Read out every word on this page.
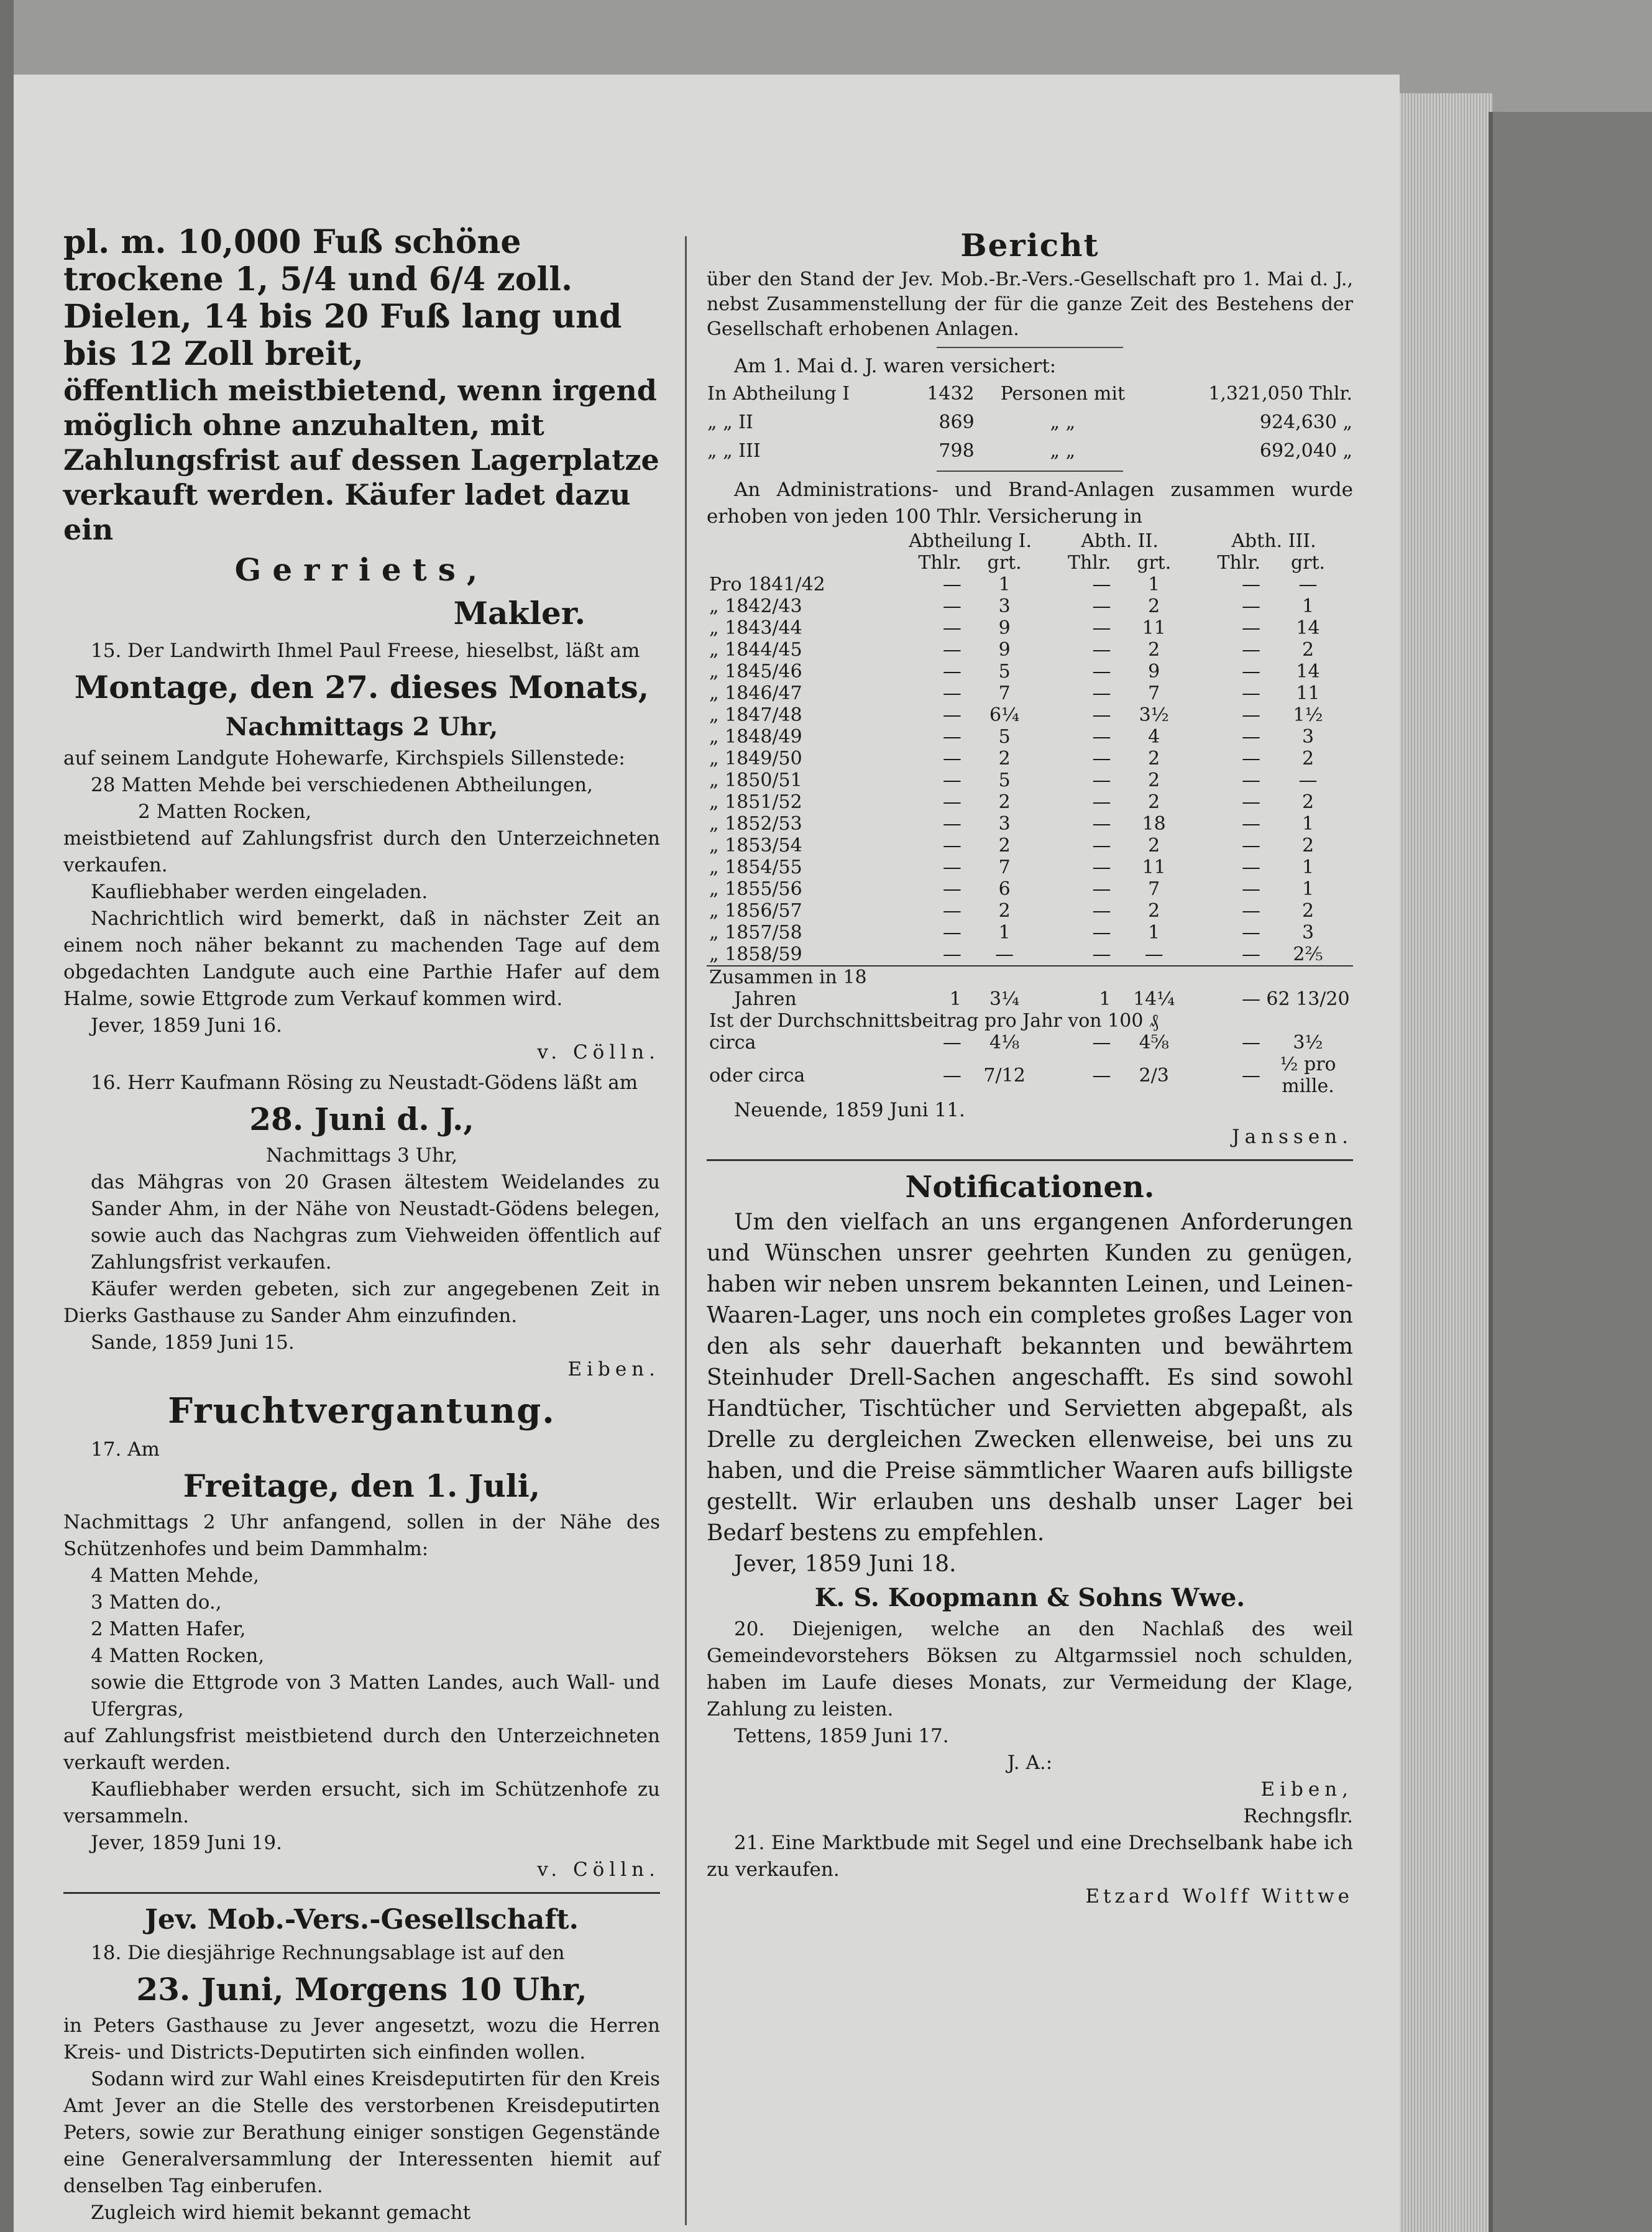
pl. m. 10,000 Fuß schöne trockene 1, 5/4 und 6/4 zoll. Dielen, 14 bis 20 Fuß lang und bis 12 Zoll breit,

öffentlich meistbietend, wenn irgend möglich ohne anzuhalten, mit Zahlungsfrist auf dessen Lagerplatze verkauft werden. Käufer ladet dazu ein

Gerriets,

Makler.

15. Der Landwirth Ihmel Paul Freese, hieselbst, läßt am

Montage, den 27. dieses Monats,

Nachmittags 2 Uhr,

auf seinem Landgute Hohewarfe, Kirchspiels Sillenstede:

28 Matten Mehde bei verschiedenen Abtheilungen,

2 Matten Rocken,

meistbietend auf Zahlungsfrist durch den Unterzeichneten verkaufen.

Kaufliebhaber werden eingeladen.

Nachrichtlich wird bemerkt, daß in nächster Zeit an einem noch näher bekannt zu machenden Tage auf dem obgedachten Landgute auch eine Parthie Hafer auf dem Halme, sowie Ettgrode zum Verkauf kommen wird.

Jever, 1859 Juni 16.

v. Cölln.

16. Herr Kaufmann Rösing zu Neustadt-Gödens läßt am

28. Juni d. J.,

Nachmittags 3 Uhr,

das Mähgras von 20 Grasen ältestem Weidelandes zu Sander Ahm, in der Nähe von Neustadt-Gödens belegen, sowie auch das Nachgras zum Viehweiden öffentlich auf Zahlungsfrist verkaufen.

Käufer werden gebeten, sich zur angegebenen Zeit in Dierks Gasthause zu Sander Ahm einzufinden.

Sande, 1859 Juni 15.

Eiben.

Fruchtvergantung.

17. Am

Freitage, den 1. Juli,

Nachmittags 2 Uhr anfangend, sollen in der Nähe des Schützenhofes und beim Dammhalm:

4 Matten Mehde,

3 Matten do.,

2 Matten Hafer,

4 Matten Rocken,

sowie die Ettgrode von 3 Matten Landes, auch Wall- und Ufergras,

auf Zahlungsfrist meistbietend durch den Unterzeichneten verkauft werden.

Kaufliebhaber werden ersucht, sich im Schützenhofe zu versammeln.

Jever, 1859 Juni 19.

v. Cölln.

Jev. Mob.-Vers.-Gesellschaft.

18. Die diesjährige Rechnungsablage ist auf den

23. Juni, Morgens 10 Uhr,

in Peters Gasthause zu Jever angesetzt, wozu die Herren Kreis- und Districts-Deputirten sich einfinden wollen.

Sodann wird zur Wahl eines Kreisdeputirten für den Kreis Amt Jever an die Stelle des verstorbenen Kreisdeputirten Peters, sowie zur Berathung einiger sonstigen Gegenstände eine Generalversammlung der Interessenten hiemit auf denselben Tag einberufen.

Zugleich wird hiemit bekannt gemacht

Bericht

über den Stand der Jev. Mob.-Br.-Vers.-Gesellschaft pro 1. Mai d. J., nebst Zusammenstellung der für die ganze Zeit des Bestehens der Gesellschaft erhobenen Anlagen.

Am 1. Mai d. J. waren versichert:

In Abtheilung I	1432	Personen mit	1,321,050 Thlr.
„ „ II	869	„ „	924,630 „
„ „ III	798	„ „	692,040 „

An Administrations- und Brand-Anlagen zusammen wurde erhoben von jeden 100 Thlr. Versicherung in

	Abtheilung I.		Abth. II.		Abth. III.	
	Thlr.	grt.	Thlr.	grt.	Thlr.	grt.
Pro 1841/42	—	1	—	1	—	—
„ 1842/43	—	3	—	2	—	1
„ 1843/44	—	9	—	11	—	14
„ 1844/45	—	9	—	2	—	2
„ 1845/46	—	5	—	9	—	14
„ 1846/47	—	7	—	7	—	11
„ 1847/48	—	6¼	—	3½	—	1½
„ 1848/49	—	5	—	4	—	3
„ 1849/50	—	2	—	2	—	2
„ 1850/51	—	5	—	2	—	—
„ 1851/52	—	2	—	2	—	2
„ 1852/53	—	3	—	18	—	1
„ 1853/54	—	2	—	2	—	2
„ 1854/55	—	7	—	11	—	1
„ 1855/56	—	6	—	7	—	1
„ 1856/57	—	2	—	2	—	2
„ 1857/58	—	1	—	1	—	3
„ 1858/59	—	—	—	—	—	2⅖
Zusammen in 18						
Jahren	1	3¼	1	14¼	—	62 13/20
Ist der Durchschnittsbeitrag pro Jahr von 100 ₰						
circa	—	4⅛	—	4⅝	—	3½
oder circa	—	7/12	—	2/3	—	½ pro mille.

Neuende, 1859 Juni 11.

Janssen.

Notificationen.

Um den vielfach an uns ergangenen Anforderungen und Wünschen unsrer geehrten Kunden zu genügen, haben wir neben unsrem bekannten Leinen, und Leinen-Waaren-Lager, uns noch ein completes großes Lager von den als sehr dauerhaft bekannten und bewährtem Steinhuder Drell-Sachen angeschafft. Es sind sowohl Handtücher, Tischtücher und Servietten abgepaßt, als Drelle zu dergleichen Zwecken ellenweise, bei uns zu haben, und die Preise sämmtlicher Waaren aufs billigste gestellt. Wir erlauben uns deshalb unser Lager bei Bedarf bestens zu empfehlen.

Jever, 1859 Juni 18.

K. S. Koopmann & Sohns Wwe.

20. Diejenigen, welche an den Nachlaß des weil Gemeindevorstehers Böksen zu Altgarmssiel noch schulden, haben im Laufe dieses Monats, zur Vermeidung der Klage, Zahlung zu leisten.

Tettens, 1859 Juni 17.

J. A.:

Eiben,

Rechngsflr.

21. Eine Marktbude mit Segel und eine Drechselbank habe ich zu verkaufen.

Etzard Wolff Wittwe
